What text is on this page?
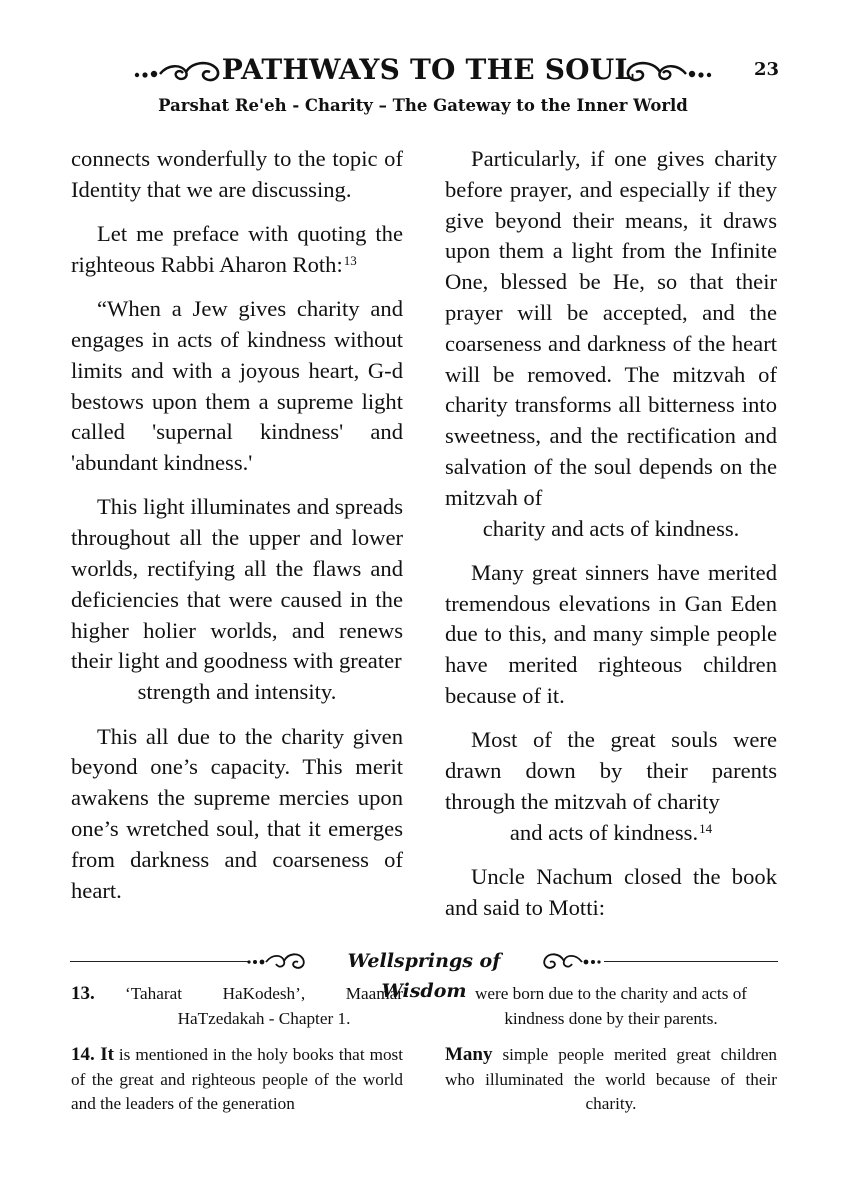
PATHWAYS TO THE SOUL	23
Parshat Re'eh - Charity – The Gateway to the Inner World

connects wonderfully to the topic of Identity that we are discussing.

Let me preface with quoting the righteous Rabbi Aharon Roth:$^{13}$

“When a Jew gives charity and engages in acts of kindness without limits and with a joyous heart, G-d bestows upon them a supreme light called 'supernal kindness' and 'abundant kindness.'

This light illuminates and spreads throughout all the upper and lower worlds, rectifying all the flaws and deficiencies that were caused in the higher holier worlds, and renews their light and goodness with greater

strength and intensity.

This all due to the charity given beyond one’s capacity. This merit awakens the supreme mercies upon one’s wretched soul, that it emerges from darkness and coarseness of heart.

Particularly, if one gives charity before prayer, and especially if they give beyond their means, it draws upon them a light from the Infinite One, blessed be He, so that their prayer will be accepted, and the coarseness and darkness of the heart will be removed. The mitzvah of charity transforms all bitterness into sweetness, and the rectification and salvation of the soul depends on the mitzvah of

charity and acts of kindness.

Many great sinners have merited tremendous elevations in Gan Eden due to this, and many simple people have merited righteous children because of it.

Most of the great souls were drawn down by their parents through the mitzvah of charity

and acts of kindness.$^{14}$

Uncle Nachum closed the book and said to Motti:

Wellsprings of Wisdom
13.	‘Taharat HaKodesh’, Maamar HaTzedakah - Chapter 1.
14. It is mentioned in the holy books that most of the great and righteous people of the world and the leaders of the generation
were born due to the charity and acts of kindness done by their parents.
Many simple people merited great children who illuminated the world because of their charity.
